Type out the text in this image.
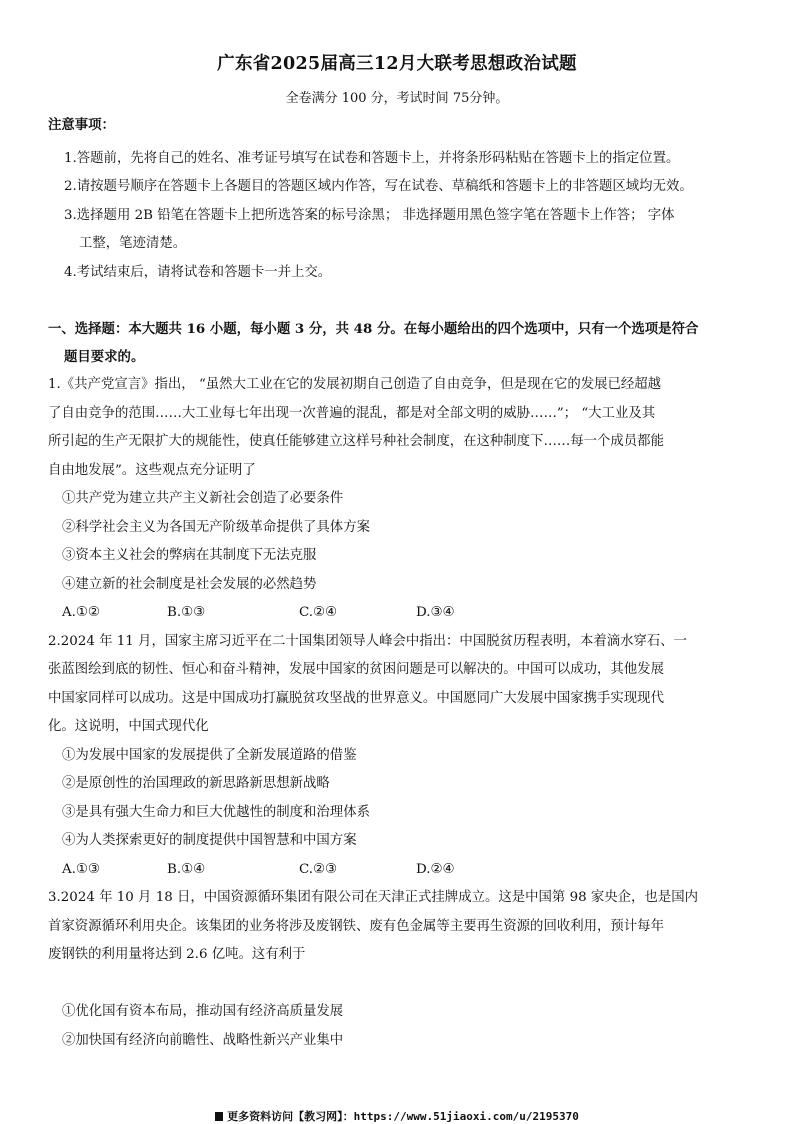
广东省2025届高三12月大联考思想政治试题
全卷满分 100 分，考试时间 75分钟。
注意事项：
1.答题前，先将自己的姓名、准考证号填写在试卷和答题卡上，并将条形码粘贴在答题卡上的指定位置。
2.请按题号顺序在答题卡上各题目的答题区域内作答，写在试卷、草稿纸和答题卡上的非答题区域均无效。
3.选择题用 2B 铅笔在答题卡上把所选答案的标号涂黑； 非选择题用黑色签字笔在答题卡上作答； 字体
工整，笔迹清楚。
4.考试结束后，请将试卷和答题卡一并上交。
一、选择题：本大题共 16 小题，每小题 3 分，共 48 分。在每小题给出的四个选项中，只有一个选项是符合
题目要求的。
1.《共产党宣言》指出， “虽然大工业在它的发展初期自己创造了自由竞争，但是现在它的发展已经超越
了自由竞争的范围……大工业每七年出现一次普遍的混乱，都是对全部文明的威胁……”； “大工业及其
所引起的生产无限扩大的规能性，使真任能够建立这样号种社会制度，在这种制度下……每一个成员都能
自由地发展”。这些观点充分证明了
①共产党为建立共产主义新社会创造了必要条件
②科学社会主义为各国无产阶级革命提供了具体方案
③资本主义社会的弊病在其制度下无法克服
④建立新的社会制度是社会发展的必然趋势
A.①②	B.①③	C.②④	D.③④
2.2024 年 11 月，国家主席习近平在二十国集团领导人峰会中指出：中国脱贫历程表明，本着滴水穿石、一
张蓝图绘到底的韧性、恒心和奋斗精神，发展中国家的贫困问题是可以解决的。中国可以成功，其他发展
中国家同样可以成功。这是中国成功打赢脱贫攻坚战的世界意义。中国愿同广大发展中国家携手实现现代
化。这说明，中国式现代化
①为发展中国家的发展提供了全新发展道路的借鉴
②是原创性的治国理政的新思路新思想新战略
③是具有强大生命力和巨大优越性的制度和治理体系
④为人类探索更好的制度提供中国智慧和中国方案
A.①③	B.①④	C.②③	D.②④
3.2024 年 10 月 18 日，中国资源循环集团有限公司在天津正式挂牌成立。这是中国第 98 家央企，也是国内
首家资源循环利用央企。该集团的业务将涉及废钢铁、废有色金属等主要再生资源的回收利用，预计每年
废钢铁的利用量将达到 2.6 亿吨。这有利于
①优化国有资本布局，推动国有经济高质量发展
②加快国有经济向前瞻性、战略性新兴产业集中
更多资料访问【教习网】：https://www.51jiaoxi.com/u/2195370
